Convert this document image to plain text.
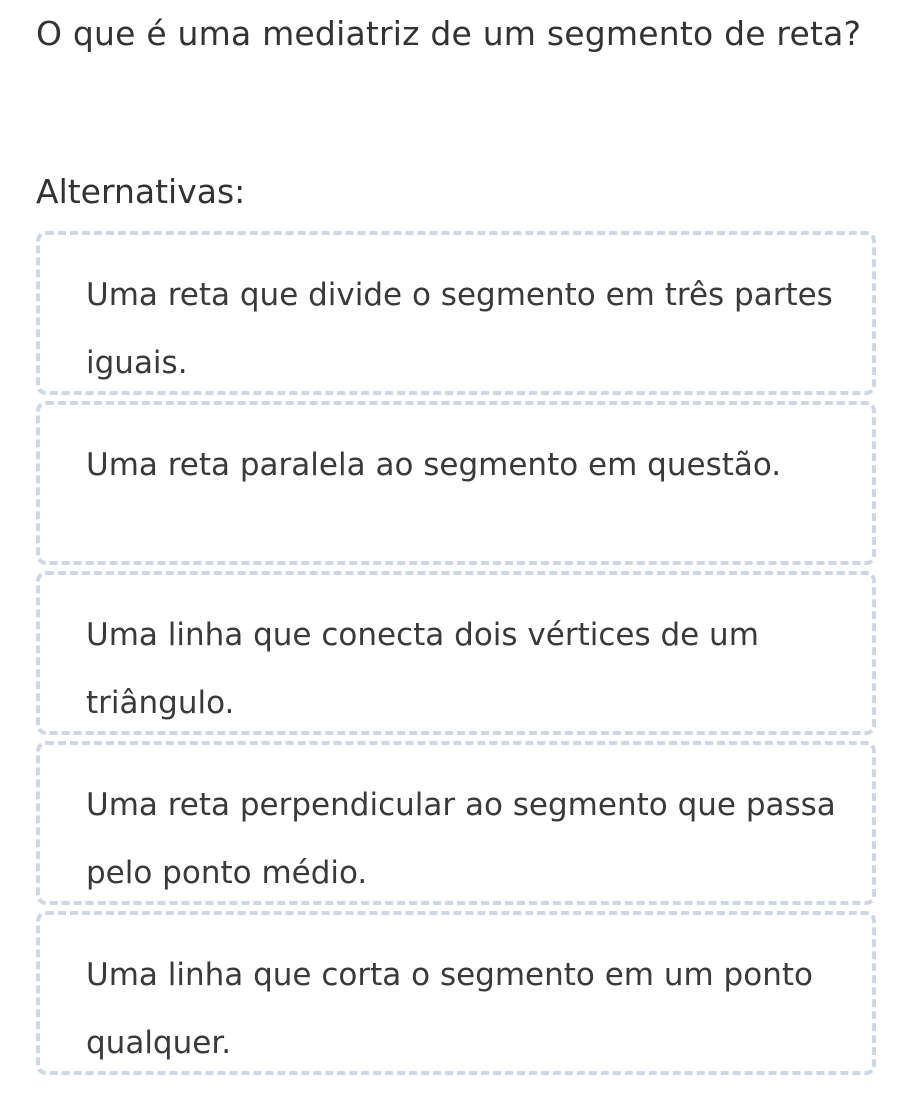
O que é uma mediatriz de um segmento de reta?
Alternativas:
Uma reta que divide o segmento em três partes iguais.
Uma reta paralela ao segmento em questão.
Uma linha que conecta dois vértices de um triângulo.
Uma reta perpendicular ao segmento que passa pelo ponto médio.
Uma linha que corta o segmento em um ponto qualquer.
